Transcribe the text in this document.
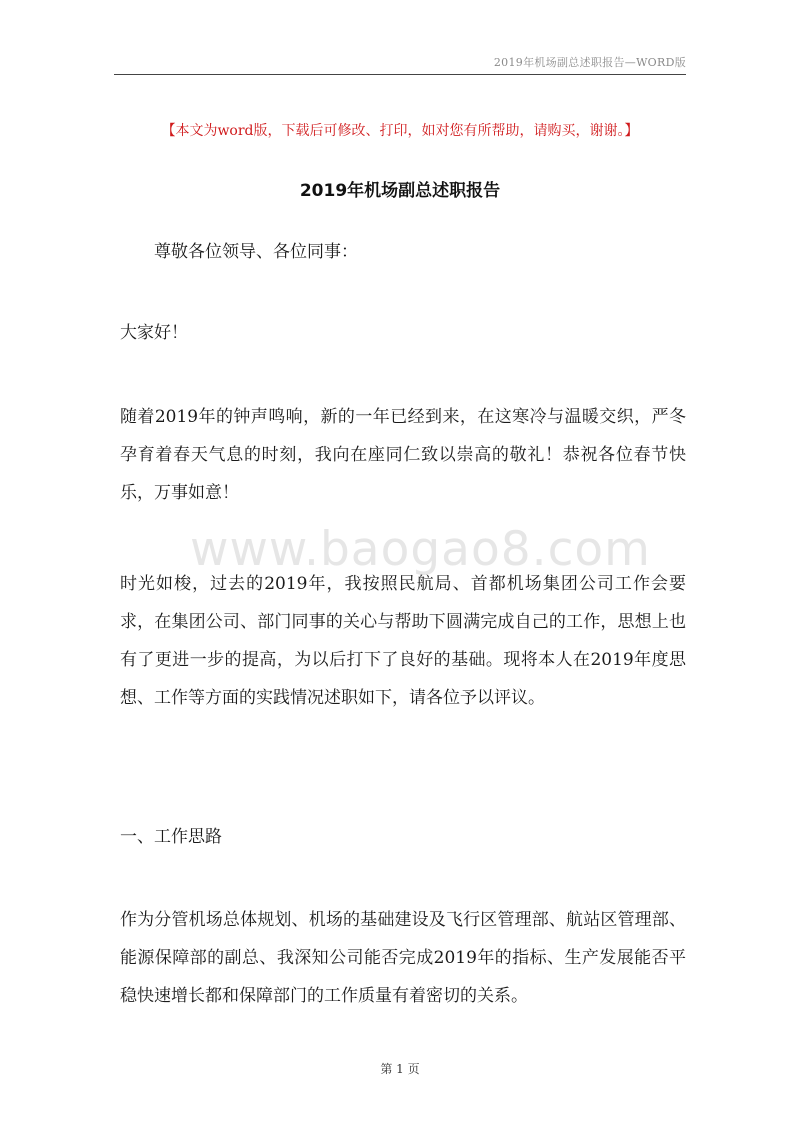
2019年机场副总述职报告—WORD版
【本文为word版，下载后可修改、打印，如对您有所帮助，请购买，谢谢。】
2019年机场副总述职报告
尊敬各位领导、各位同事：
大家好！
随着2019年的钟声鸣响，新的一年已经到来，在这寒冷与温暖交织，严冬孕育着春天气息的时刻，我向在座同仁致以崇高的敬礼！恭祝各位春节快乐，万事如意！
www.baogao8.com
时光如梭，过去的2019年，我按照民航局、首都机场集团公司工作会要求，在集团公司、部门同事的关心与帮助下圆满完成自己的工作，思想上也有了更进一步的提高，为以后打下了良好的基础。现将本人在2019年度思想、工作等方面的实践情况述职如下，请各位予以评议。
一、工作思路
作为分管机场总体规划、机场的基础建设及飞行区管理部、航站区管理部、能源保障部的副总、我深知公司能否完成2019年的指标、生产发展能否平稳快速增长都和保障部门的工作质量有着密切的关系。
第 1 页
